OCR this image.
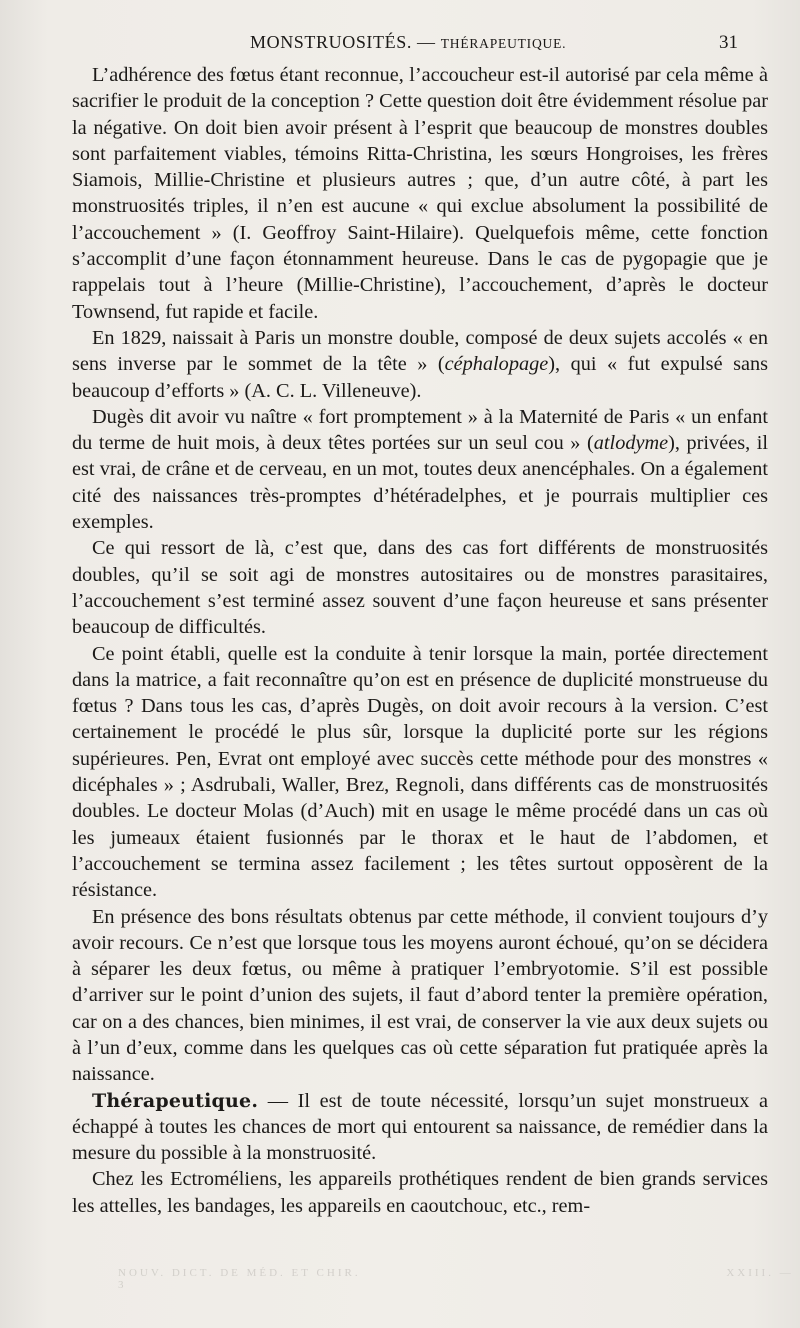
MONSTRUOSITÉS. — THÉRAPEUTIQUE.	31

L’adhérence des fœtus étant reconnue, l’accoucheur est-il autorisé par cela même à sacrifier le produit de la conception ? Cette question doit être évidemment résolue par la négative. On doit bien avoir présent à l’esprit que beaucoup de monstres doubles sont parfaitement viables, témoins Ritta-Christina, les sœurs Hongroises, les frères Siamois, Millie-Christine et plusieurs autres ; que, d’un autre côté, à part les monstruosités triples, il n’en est aucune « qui exclue absolument la possibilité de l’accouchement » (I. Geoffroy Saint-Hilaire). Quelquefois même, cette fonction s’accomplit d’une façon étonnamment heureuse. Dans le cas de pygopagie que je rappelais tout à l’heure (Millie-Christine), l’accouchement, d’après le docteur Townsend, fut rapide et facile.

En 1829, naissait à Paris un monstre double, composé de deux sujets accolés « en sens inverse par le sommet de la tête » (céphalopage), qui « fut expulsé sans beaucoup d’efforts » (A. C. L. Villeneuve).

Dugès dit avoir vu naître « fort promptement » à la Maternité de Paris « un enfant du terme de huit mois, à deux têtes portées sur un seul cou » (atlodyme), privées, il est vrai, de crâne et de cerveau, en un mot, toutes deux anencéphales. On a également cité des naissances très-promptes d’hétéradelphes, et je pourrais multiplier ces exemples.

Ce qui ressort de là, c’est que, dans des cas fort différents de monstruosités doubles, qu’il se soit agi de monstres autositaires ou de monstres parasitaires, l’accouchement s’est terminé assez souvent d’une façon heureuse et sans présenter beaucoup de difficultés.

Ce point établi, quelle est la conduite à tenir lorsque la main, portée directement dans la matrice, a fait reconnaître qu’on est en présence de duplicité monstrueuse du fœtus ? Dans tous les cas, d’après Dugès, on doit avoir recours à la version. C’est certainement le procédé le plus sûr, lorsque la duplicité porte sur les régions supérieures. Pen, Evrat ont employé avec succès cette méthode pour des monstres « dicéphales » ; Asdrubali, Waller, Brez, Regnoli, dans différents cas de monstruosités doubles. Le docteur Molas (d’Auch) mit en usage le même procédé dans un cas où les jumeaux étaient fusionnés par le thorax et le haut de l’abdomen, et l’accouchement se termina assez facilement ; les têtes surtout opposèrent de la résistance.

En présence des bons résultats obtenus par cette méthode, il convient toujours d’y avoir recours. Ce n’est que lorsque tous les moyens auront échoué, qu’on se décidera à séparer les deux fœtus, ou même à pratiquer l’embryotomie. S’il est possible d’arriver sur le point d’union des sujets, il faut d’abord tenter la première opération, car on a des chances, bien minimes, il est vrai, de conserver la vie aux deux sujets ou à l’un d’eux, comme dans les quelques cas où cette séparation fut pratiquée après la naissance.

Thérapeutique. — Il est de toute nécessité, lorsqu’un sujet monstrueux a échappé à toutes les chances de mort qui entourent sa naissance, de remédier dans la mesure du possible à la monstruosité.

Chez les Ectroméliens, les appareils prothétiques rendent de bien grands services les attelles, les bandages, les appareils en caoutchouc, etc., rem-

NOUV. DICT. DE MÉD. ET CHIR.	XXIII. — 3
